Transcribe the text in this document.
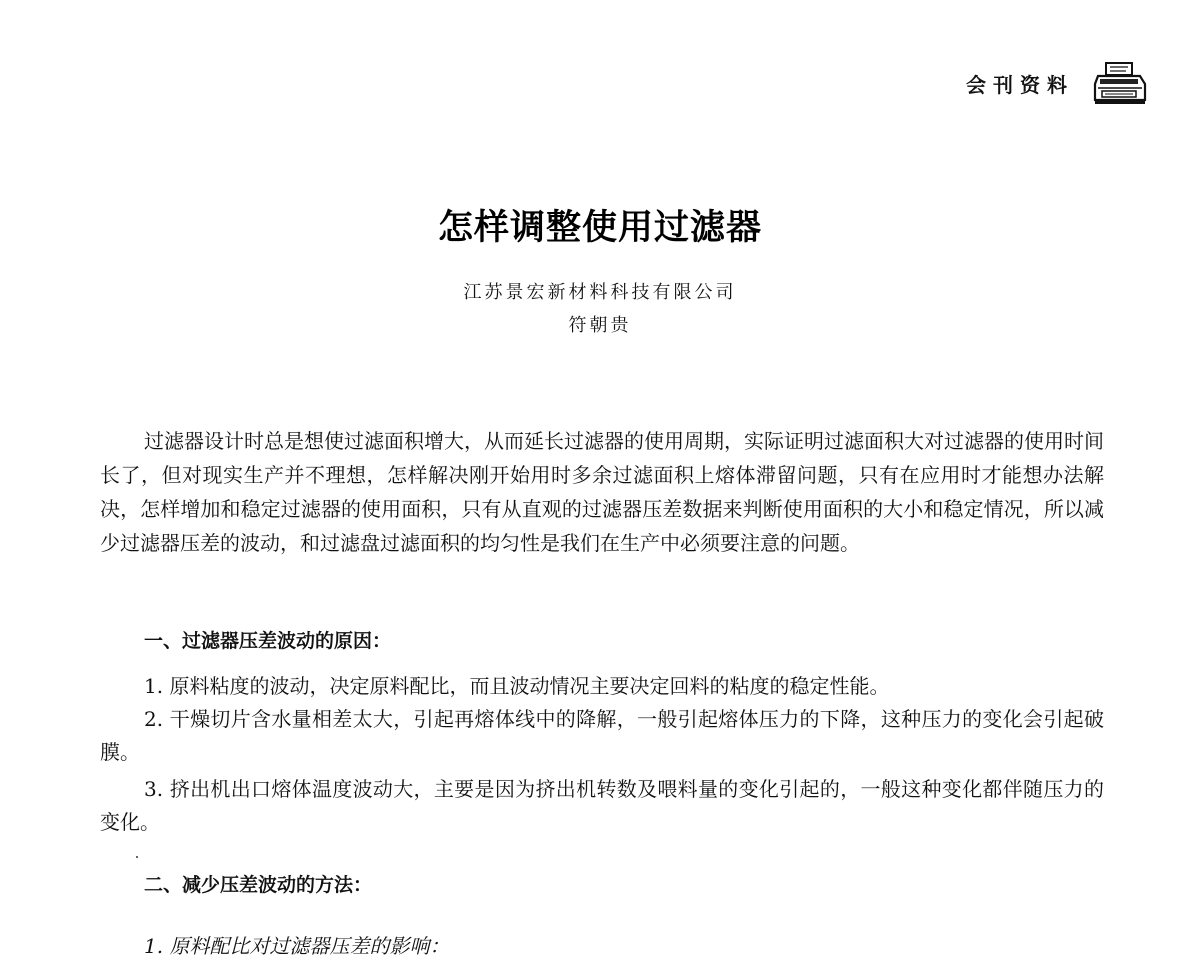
会刊资料
怎样调整使用过滤器
江苏景宏新材料科技有限公司
符朝贵

过滤器设计时总是想使过滤面积增大，从而延长过滤器的使用周期，实际证明过滤面积大对过滤器的使用时间长了，但对现实生产并不理想，怎样解决刚开始用时多余过滤面积上熔体滞留问题，只有在应用时才能想办法解决，怎样增加和稳定过滤器的使用面积，只有从直观的过滤器压差数据来判断使用面积的大小和稳定情况，所以减少过滤器压差的波动，和过滤盘过滤面积的均匀性是我们在生产中必须要注意的问题。

一、过滤器压差波动的原因：

1. 原料粘度的波动，决定原料配比，而且波动情况主要决定回料的粘度的稳定性能。

2. 干燥切片含水量相差太大，引起再熔体线中的降解，一般引起熔体压力的下降，这种压力的变化会引起破膜。

3. 挤出机出口熔体温度波动大，主要是因为挤出机转数及喂料量的变化引起的，一般这种变化都伴随压力的变化。

二、减少压差波动的方法：
1. 原料配比对过滤器压差的影响：
